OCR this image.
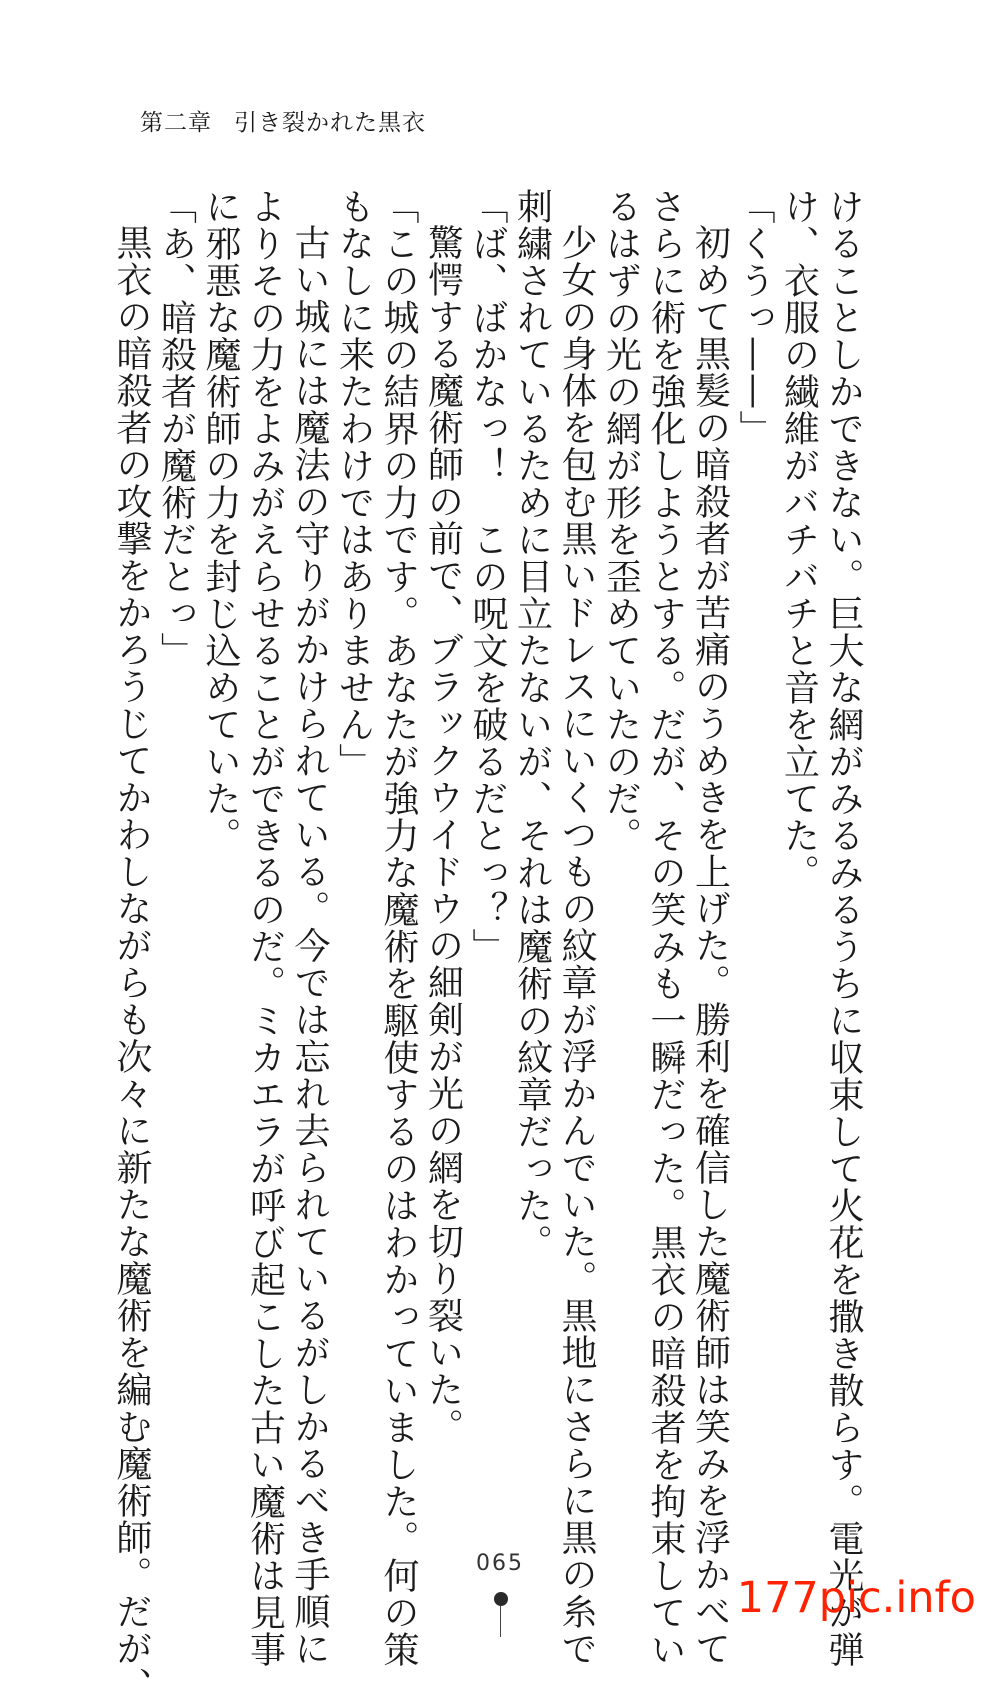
第二章 引き裂かれた黒衣

けることしかできない。巨大な網がみるみるうちに収束して火花を撒き散らす。電光が弾

け、衣服の繊維がバチバチと音を立てた。

「くうっ——」

初めて黒髪の暗殺者が苦痛のうめきを上げた。勝利を確信した魔術師は笑みを浮かべて

さらに術を強化しようとする。だが、その笑みも一瞬だった。黒衣の暗殺者を拘束してい

るはずの光の網が形を歪めていたのだ。

少女の身体を包む黒いドレスにいくつもの紋章が浮かんでいた。黒地にさらに黒の糸で

刺繍されているために目立たないが、それは魔術の紋章だった。

「ば、ばかなっ！　この呪文を破るだとっ？」

驚愕する魔術師の前で、ブラックウイドウの細剣が光の網を切り裂いた。

「この城の結界の力です。あなたが強力な魔術を駆使するのはわかっていました。何の策

もなしに来たわけではありません」

古い城には魔法の守りがかけられている。今では忘れ去られているがしかるべき手順に

よりその力をよみがえらせることができるのだ。ミカエラが呼び起こした古い魔術は見事

に邪悪な魔術師の力を封じ込めていた。

「あ、暗殺者が魔術だとっ」

黒衣の暗殺者の攻撃をかろうじてかわしながらも次々に新たな魔術を編む魔術師。だが、	065
177pic.info
